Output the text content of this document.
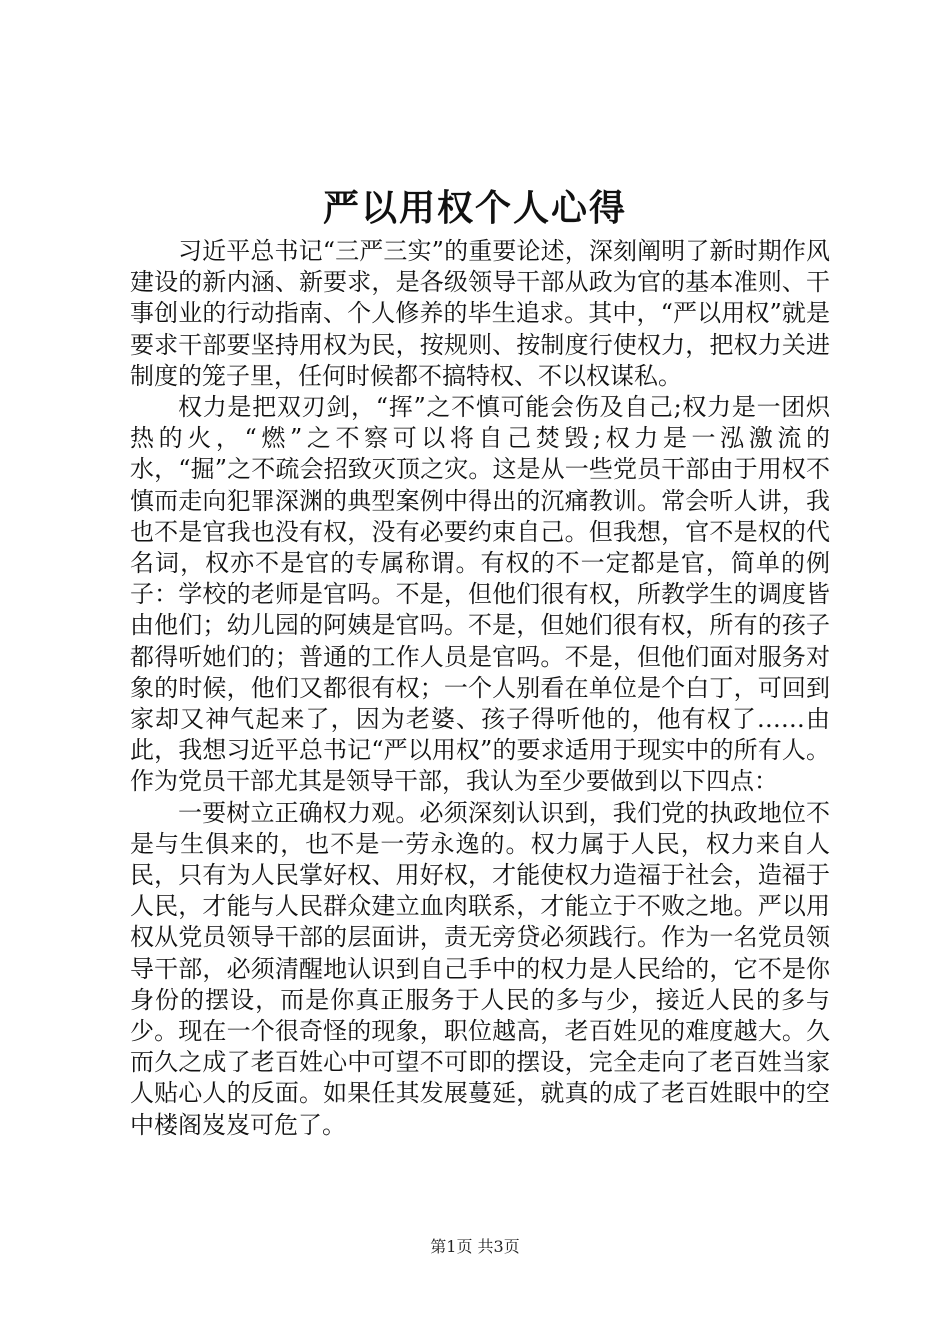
严以用权个人心得

习近平总书记“三严三实”的重要论述，深刻阐明了新时期作风建设的新内涵、新要求，是各级领导干部从政为官的基本准则、干事创业的行动指南、个人修养的毕生追求。其中，“严以用权”就是要求干部要坚持用权为民，按规则、按制度行使权力，把权力关进制度的笼子里，任何时候都不搞特权、不以权谋私。

权力是把双刃剑，“挥”之不慎可能会伤及自己;权力是一团炽热的火，“燃”之不察可以将自己焚毁;权力是一泓激流的水，“掘”之不疏会招致灭顶之灾。这是从一些党员干部由于用权不慎而走向犯罪深渊的典型案例中得出的沉痛教训。常会听人讲，我也不是官我也没有权，没有必要约束自己。但我想，官不是权的代名词，权亦不是官的专属称谓。有权的不一定都是官，简单的例子：学校的老师是官吗。不是，但他们很有权，所教学生的调度皆由他们；幼儿园的阿姨是官吗。不是，但她们很有权，所有的孩子都得听她们的；普通的工作人员是官吗。不是，但他们面对服务对象的时候，他们又都很有权；一个人别看在单位是个白丁，可回到家却又神气起来了，因为老婆、孩子得听他的，他有权了……由此，我想习近平总书记“严以用权”的要求适用于现实中的所有人。作为党员干部尤其是领导干部，我认为至少要做到以下四点：

一要树立正确权力观。必须深刻认识到，我们党的执政地位不是与生俱来的，也不是一劳永逸的。权力属于人民，权力来自人民，只有为人民掌好权、用好权，才能使权力造福于社会，造福于人民，才能与人民群众建立血肉联系，才能立于不败之地。严以用权从党员领导干部的层面讲，责无旁贷必须践行。作为一名党员领导干部，必须清醒地认识到自己手中的权力是人民给的，它不是你身份的摆设，而是你真正服务于人民的多与少，接近人民的多与少。现在一个很奇怪的现象，职位越高，老百姓见的难度越大。久而久之成了老百姓心中可望不可即的摆设，完全走向了老百姓当家人贴心人的反面。如果任其发展蔓延，就真的成了老百姓眼中的空中楼阁岌岌可危了。

第1页 共3页
